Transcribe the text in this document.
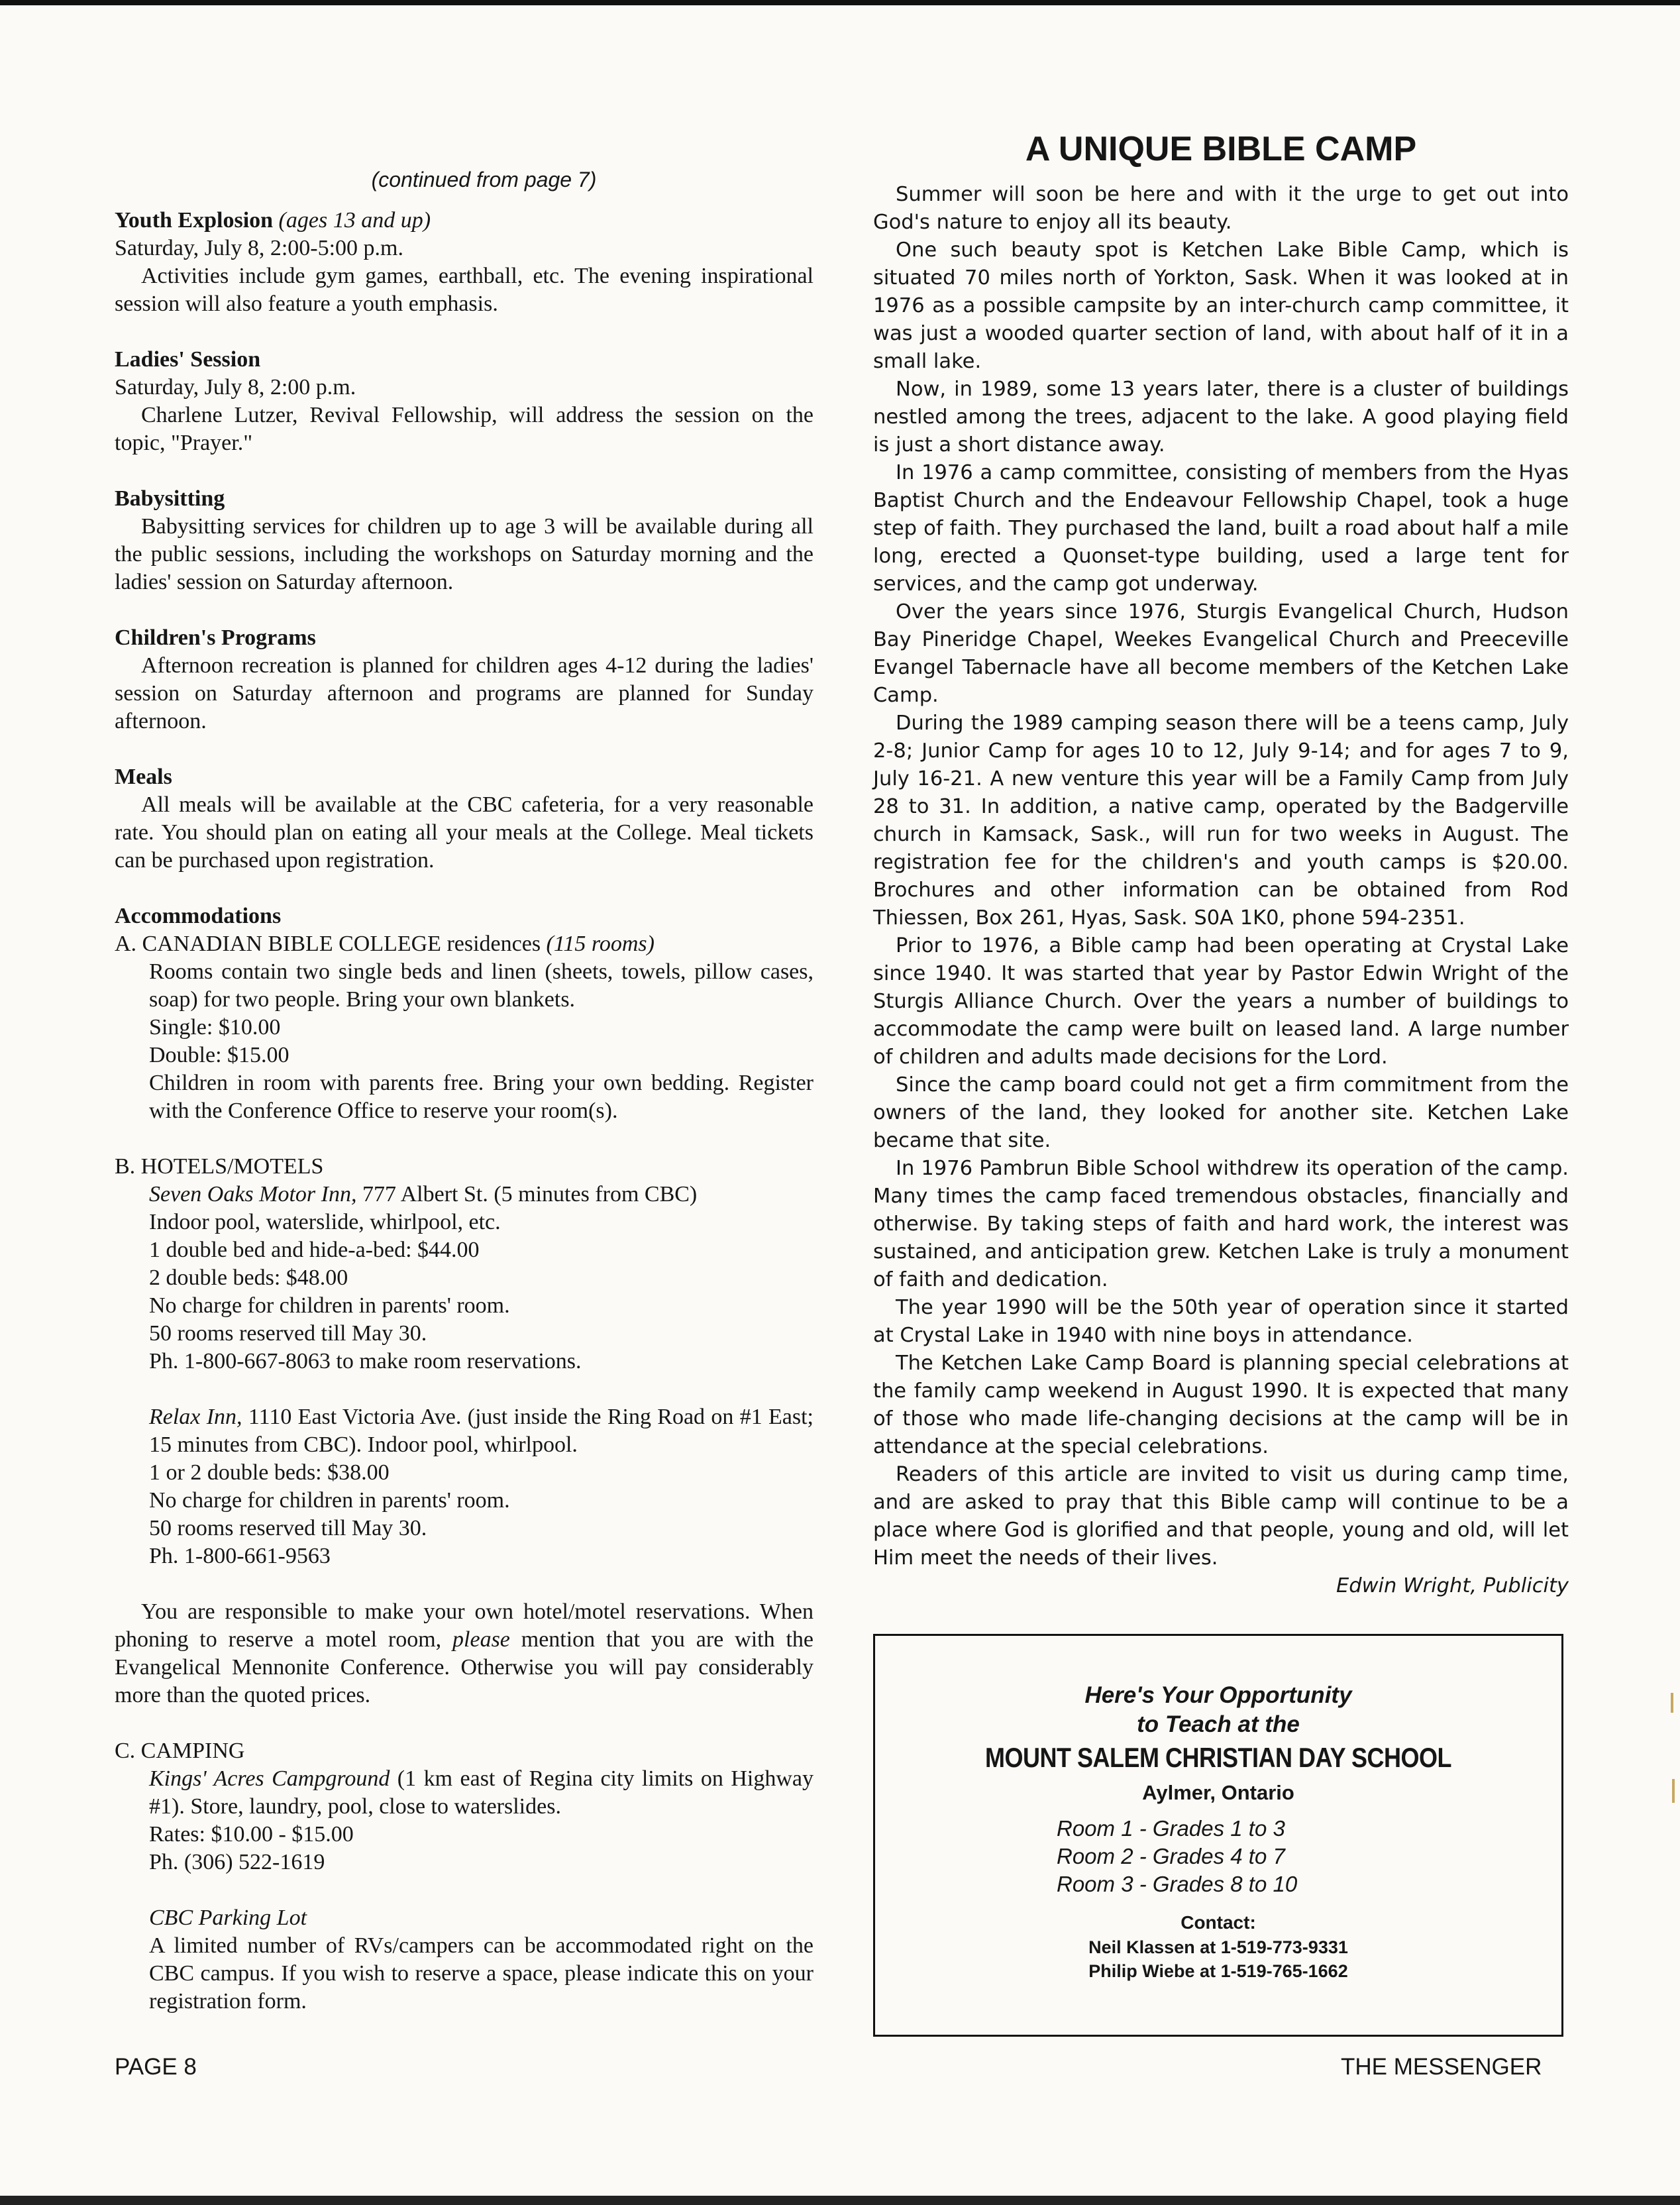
(continued from page 7)
Youth Explosion (ages 13 and up)
Saturday, July 8, 2:00-5:00 p.m.
Activities include gym games, earthball, etc. The evening inspirational session will also feature a youth emphasis.
Ladies' Session
Saturday, July 8, 2:00 p.m.
Charlene Lutzer, Revival Fellowship, will address the session on the topic, "Prayer."
Babysitting
Babysitting services for children up to age 3 will be available during all the public sessions, including the workshops on Saturday morning and the ladies' session on Saturday afternoon.
Children's Programs
Afternoon recreation is planned for children ages 4-12 during the ladies' session on Saturday afternoon and programs are planned for Sunday afternoon.
Meals
All meals will be available at the CBC cafeteria, for a very reasonable rate. You should plan on eating all your meals at the College. Meal tickets can be purchased upon registration.
Accommodations
A. CANADIAN BIBLE COLLEGE residences (115 rooms)
Rooms contain two single beds and linen (sheets, towels, pillow cases, soap) for two people. Bring your own blankets.
Single: $10.00
Double: $15.00
Children in room with parents free. Bring your own bedding. Register with the Conference Office to reserve your room(s).
B. HOTELS/MOTELS
Seven Oaks Motor Inn, 777 Albert St. (5 minutes from CBC)
Indoor pool, waterslide, whirlpool, etc.
1 double bed and hide-a-bed: $44.00
2 double beds: $48.00
No charge for children in parents' room.
50 rooms reserved till May 30.
Ph. 1-800-667-8063 to make room reservations.
Relax Inn, 1110 East Victoria Ave. (just inside the Ring Road on #1 East; 15 minutes from CBC). Indoor pool, whirlpool.
1 or 2 double beds: $38.00
No charge for children in parents' room.
50 rooms reserved till May 30.
Ph. 1-800-661-9563
You are responsible to make your own hotel/motel reservations. When phoning to reserve a motel room, please mention that you are with the Evangelical Mennonite Conference. Otherwise you will pay considerably more than the quoted prices.
C. CAMPING
Kings' Acres Campground (1 km east of Regina city limits on Highway #1). Store, laundry, pool, close to waterslides.
Rates: $10.00 - $15.00
Ph. (306) 522-1619
CBC Parking Lot
A limited number of RVs/campers can be accommodated right on the CBC campus. If you wish to reserve a space, please indicate this on your registration form.
A UNIQUE BIBLE CAMP
Summer will soon be here and with it the urge to get out into God's nature to enjoy all its beauty.
One such beauty spot is Ketchen Lake Bible Camp, which is situated 70 miles north of Yorkton, Sask. When it was looked at in 1976 as a possible campsite by an inter-church camp committee, it was just a wooded quarter section of land, with about half of it in a small lake.
Now, in 1989, some 13 years later, there is a cluster of buildings nestled among the trees, adjacent to the lake. A good playing field is just a short distance away.
In 1976 a camp committee, consisting of members from the Hyas Baptist Church and the Endeavour Fellowship Chapel, took a huge step of faith. They purchased the land, built a road about half a mile long, erected a Quonset-type building, used a large tent for services, and the camp got underway.
Over the years since 1976, Sturgis Evangelical Church, Hudson Bay Pineridge Chapel, Weekes Evangelical Church and Preeceville Evangel Tabernacle have all become members of the Ketchen Lake Camp.
During the 1989 camping season there will be a teens camp, July 2-8; Junior Camp for ages 10 to 12, July 9-14; and for ages 7 to 9, July 16-21. A new venture this year will be a Family Camp from July 28 to 31. In addition, a native camp, operated by the Badgerville church in Kamsack, Sask., will run for two weeks in August. The registration fee for the children's and youth camps is $20.00. Brochures and other information can be obtained from Rod Thiessen, Box 261, Hyas, Sask. S0A 1K0, phone 594-2351.
Prior to 1976, a Bible camp had been operating at Crystal Lake since 1940. It was started that year by Pastor Edwin Wright of the Sturgis Alliance Church. Over the years a number of buildings to accommodate the camp were built on leased land. A large number of children and adults made decisions for the Lord.
Since the camp board could not get a firm commitment from the owners of the land, they looked for another site. Ketchen Lake became that site.
In 1976 Pambrun Bible School withdrew its operation of the camp. Many times the camp faced tremendous obstacles, financially and otherwise. By taking steps of faith and hard work, the interest was sustained, and anticipation grew. Ketchen Lake is truly a monument of faith and dedication.
The year 1990 will be the 50th year of operation since it started at Crystal Lake in 1940 with nine boys in attendance.
The Ketchen Lake Camp Board is planning special celebrations at the family camp weekend in August 1990. It is expected that many of those who made life-changing decisions at the camp will be in attendance at the special celebrations.
Readers of this article are invited to visit us during camp time, and are asked to pray that this Bible camp will continue to be a place where God is glorified and that people, young and old, will let Him meet the needs of their lives.
Edwin Wright, Publicity
Here's Your Opportunity
to Teach at the
MOUNT SALEM CHRISTIAN DAY SCHOOL
Aylmer, Ontario
Room 1 - Grades 1 to 3
Room 2 - Grades 4 to 7
Room 3 - Grades 8 to 10
Contact:
Neil Klassen at 1-519-773-9331
Philip Wiebe at 1-519-765-1662
PAGE 8	THE MESSENGER
